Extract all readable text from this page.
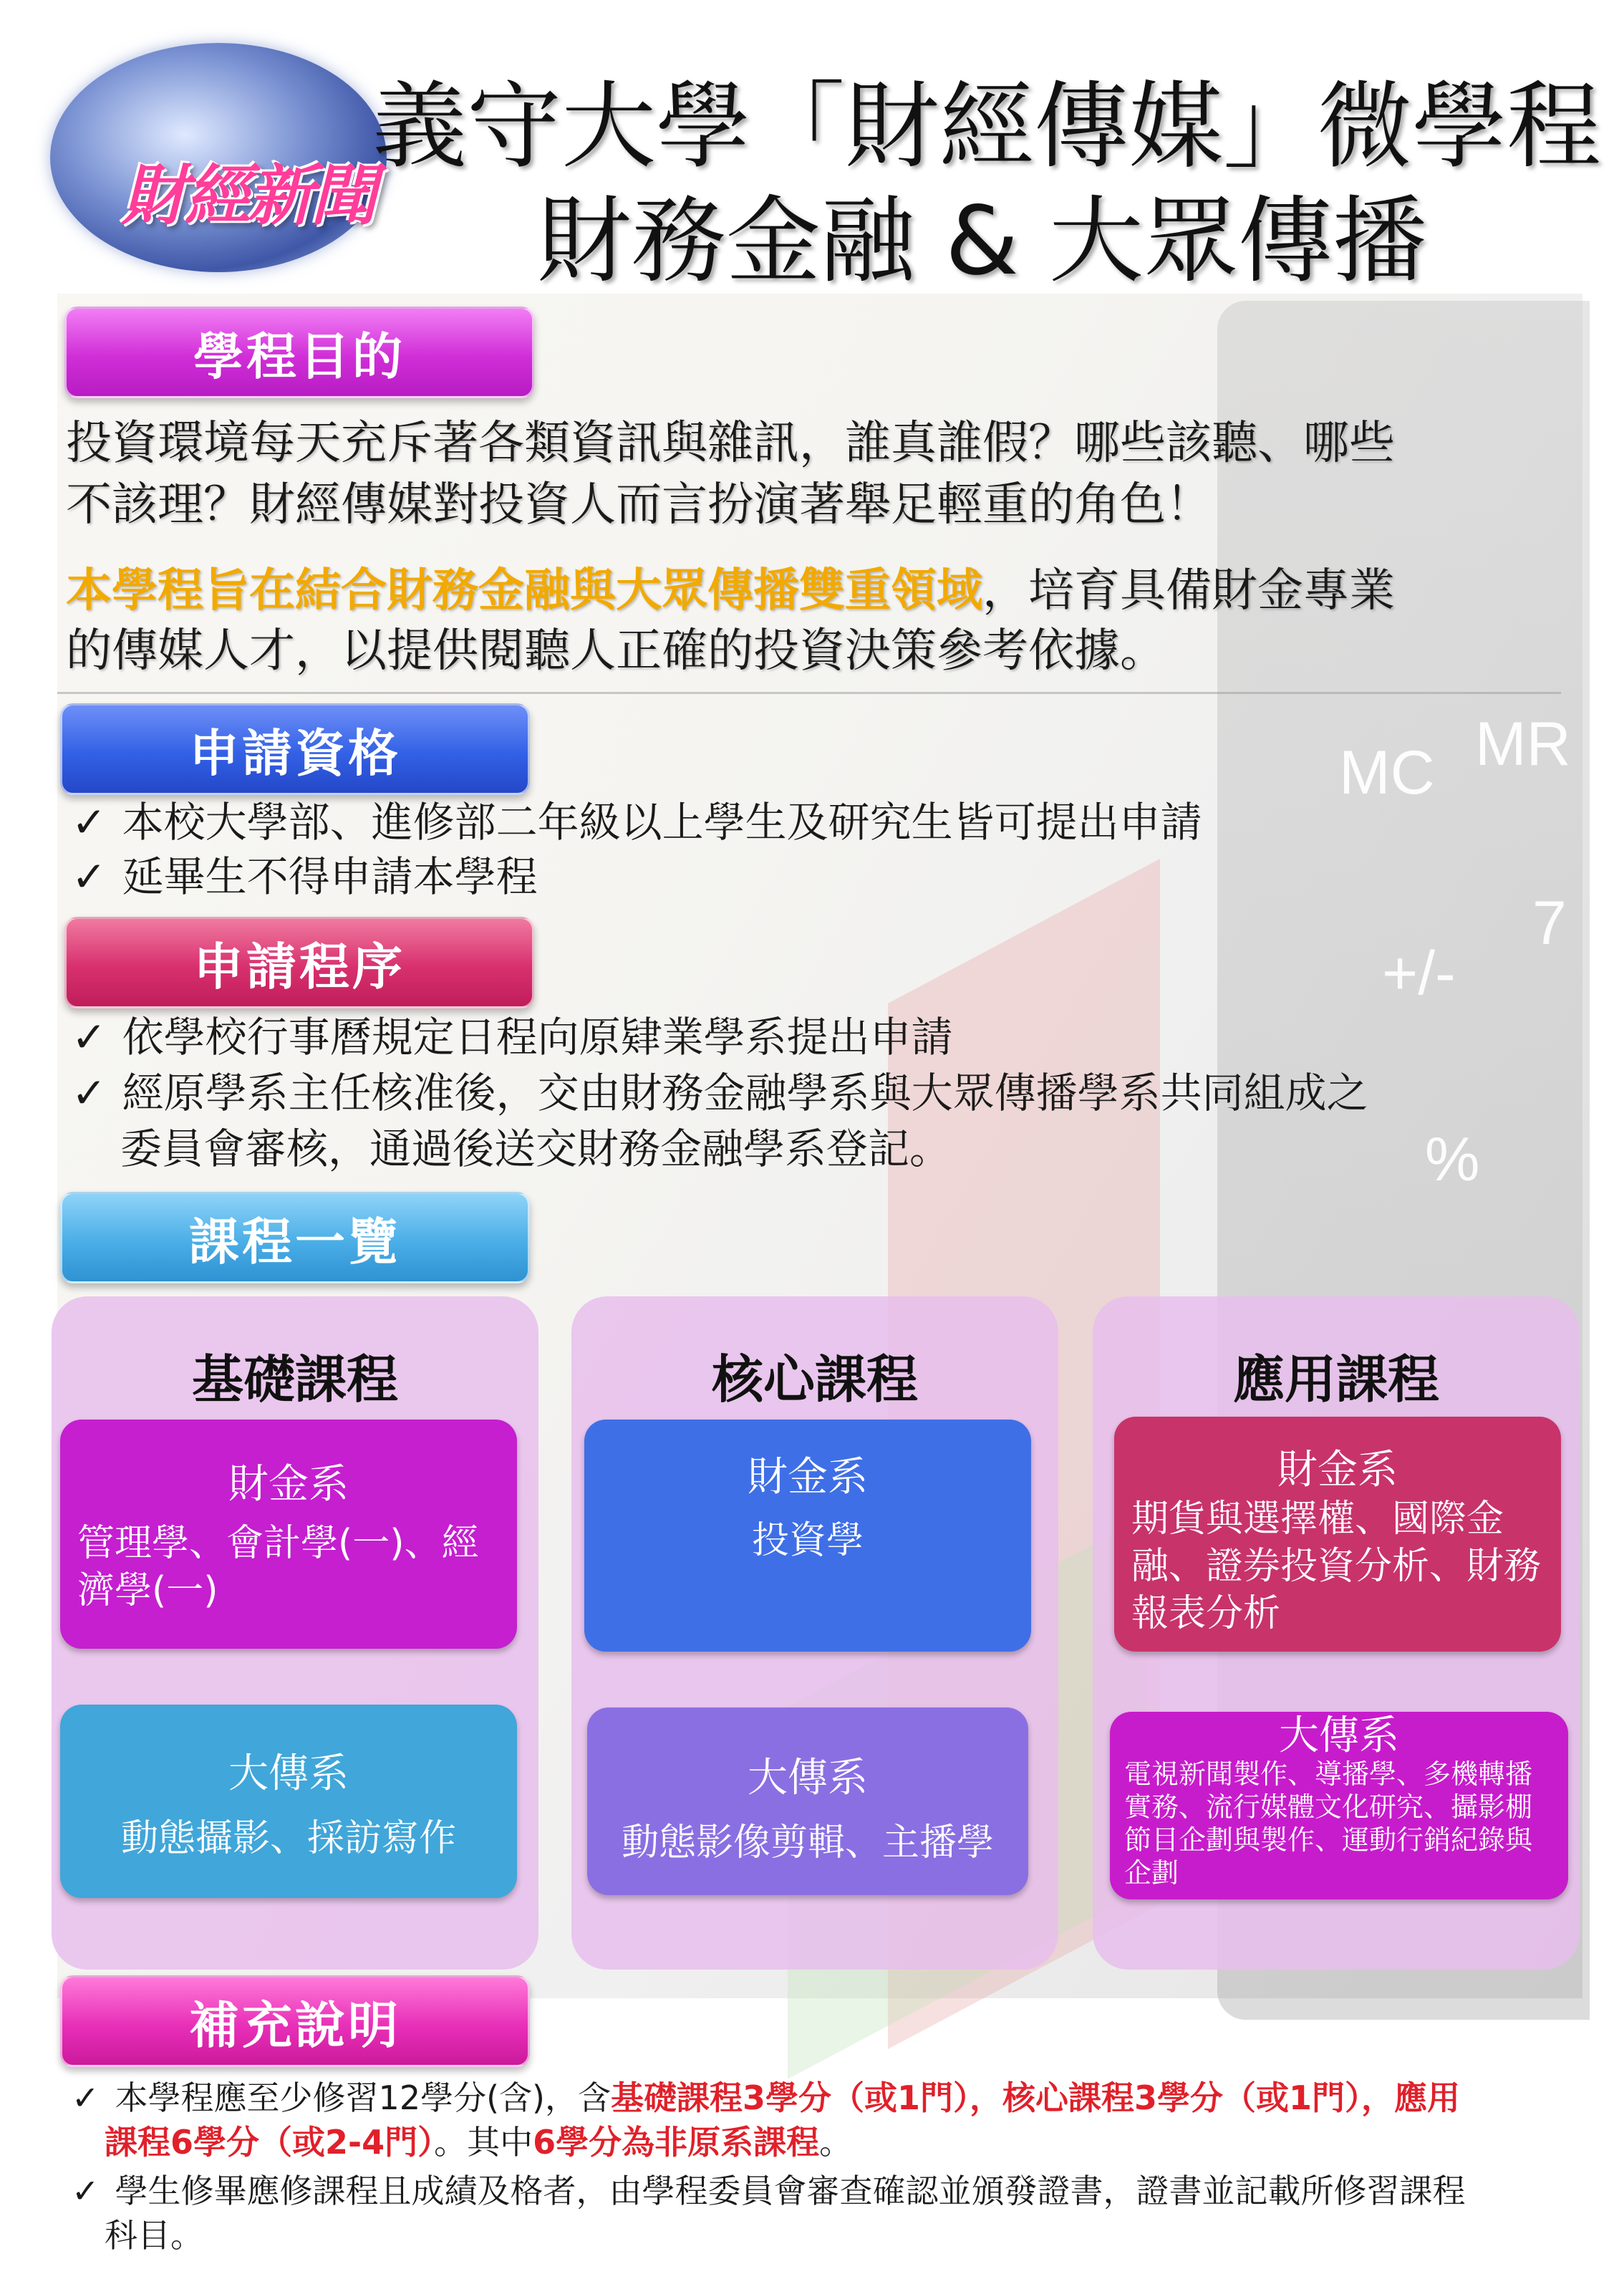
MC MR
+/-
7
%
財經新聞
義守大學「財經傳媒」微學程
財務金融 & 大眾傳播
學程目的
投資環境每天充斥著各類資訊與雜訊，誰真誰假？哪些該聽、哪些
不該理？財經傳媒對投資人而言扮演著舉足輕重的角色！
本學程旨在結合財務金融與大眾傳播雙重領域，培育具備財金專業
的傳媒人才，以提供閱聽人正確的投資決策參考依據。
申請資格
✓ 本校大學部、進修部二年級以上學生及研究生皆可提出申請
✓ 延畢生不得申請本學程
申請程序
✓ 依學校行事曆規定日程向原肄業學系提出申請
✓ 經原學系主任核准後，交由財務金融學系與大眾傳播學系共同組成之
委員會審核，通過後送交財務金融學系登記。
課程一覽
基礎課程
財金系
管理學、會計學(一)、經濟學(一)
大傳系
動態攝影、採訪寫作
核心課程
財金系
投資學
大傳系
動態影像剪輯、主播學
應用課程
財金系
期貨與選擇權、國際金融、證券投資分析、財務報表分析
大傳系
電視新聞製作、導播學、多機轉播實務、流行媒體文化研究、攝影棚節目企劃與製作、運動行銷紀錄與企劃
補充說明
✓ 本學程應至少修習12學分(含)，含基礎課程3學分（或1門），核心課程3學分（或1門），應用
課程6學分（或2-4門）。其中6學分為非原系課程。
✓ 學生修畢應修課程且成績及格者，由學程委員會審查確認並頒發證書，證書並記載所修習課程
科目。
